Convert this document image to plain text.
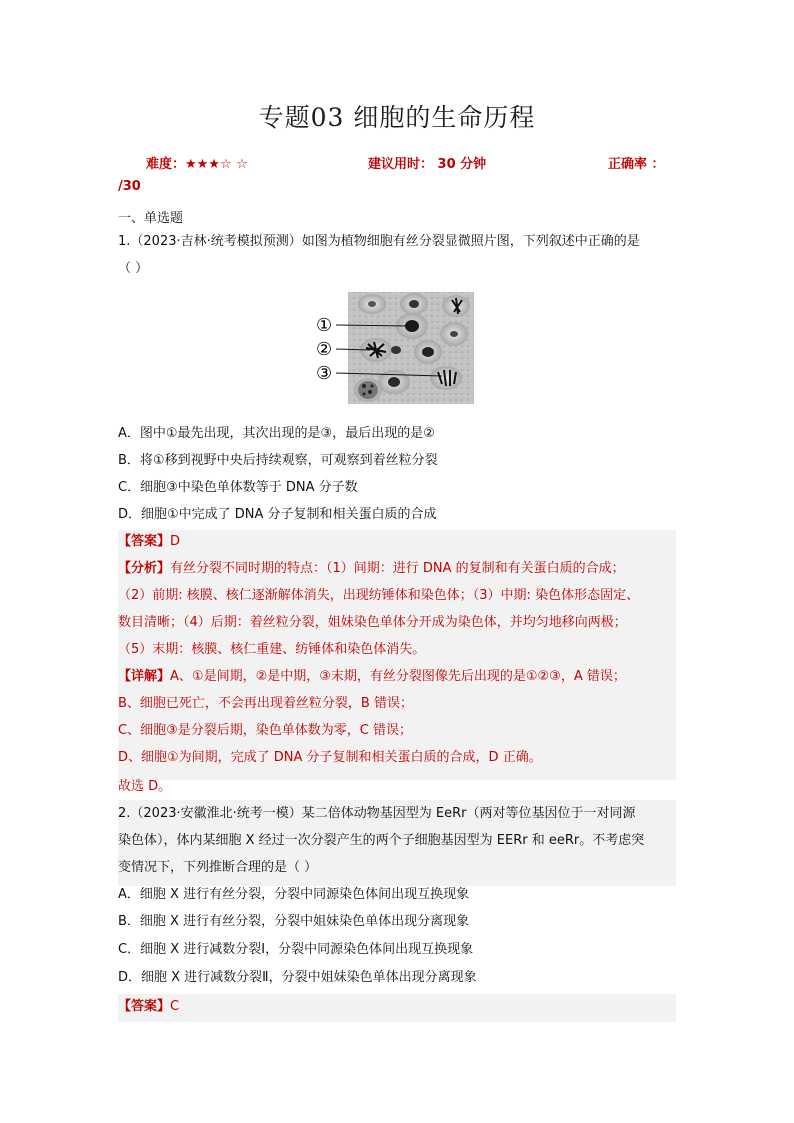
专题03 细胞的生命历程
难度：★★★☆ ☆	建议用时： 30 分钟	正确率 ：
/30
一、单选题
1.（2023·吉林·统考模拟预测）如图为植物细胞有丝分裂显微照片图，下列叙述中正确的是
（ ）
①
②
③
A．图中①最先出现，其次出现的是③，最后出现的是②
B．将①移到视野中央后持续观察，可观察到着丝粒分裂
C．细胞③中染色单体数等于 DNA 分子数
D．细胞①中完成了 DNA 分子复制和相关蛋白质的合成
【答案】D
【分析】有丝分裂不同时期的特点：（1）间期：进行 DNA 的复制和有关蛋白质的合成；
（2）前期: 核膜、核仁逐渐解体消失，出现纺锤体和染色体；（3）中期: 染色体形态固定、
数目清晰；（4）后期：着丝粒分裂，姐妹染色单体分开成为染色体，并均匀地移向两极；
（5）末期：核膜、核仁重建、纺锤体和染色体消失。
【详解】A、①是间期，②是中期，③末期，有丝分裂图像先后出现的是①②③，A 错误；
B、细胞已死亡，不会再出现着丝粒分裂，B 错误；
C、细胞③是分裂后期，染色单体数为零，C 错误；
D、细胞①为间期，完成了 DNA 分子复制和相关蛋白质的合成，D 正确。
故选 D。
2.（2023·安徽淮北·统考一模）某二倍体动物基因型为 EeRr（两对等位基因位于一对同源
染色体），体内某细胞 X 经过一次分裂产生的两个子细胞基因型为 EERr 和 eeRr。不考虑突
变情况下，下列推断合理的是（ ）
A．细胞 X 进行有丝分裂，分裂中同源染色体间出现互换现象
B．细胞 X 进行有丝分裂，分裂中姐妹染色单体出现分离现象
C．细胞 X 进行减数分裂Ⅰ，分裂中同源染色体间出现互换现象
D．细胞 X 进行减数分裂Ⅱ，分裂中姐妹染色单体出现分离现象
【答案】C
